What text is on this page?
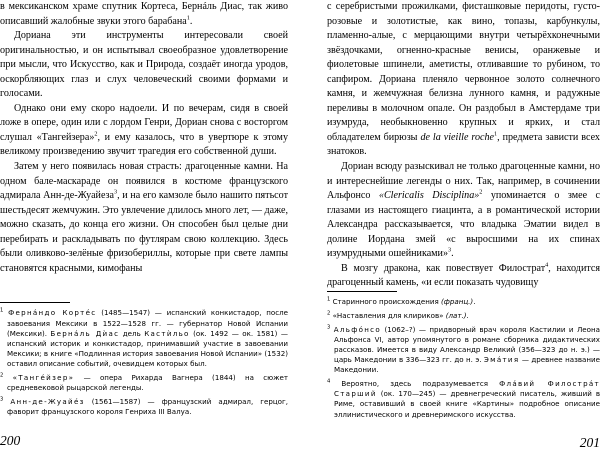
в мексиканском храме спутник Кортеса, Бернáль Диас, так живо описавший жалобные звуки этого барабана$^1$.

Дориана эти инструменты интересовали своей оригинальностью, и он испытывал своеобразное удовлетворение при мысли, что Искусство, как и Природа, создаёт иногда уродов, оскорбляющих глаз и слух человеческий своими формами и голосами.

Однако они ему скоро надоели. И по вечерам, сидя в своей ложе в опере, один или с лордом Генри, Дориан снова с восторгом слушал «Тангейзера»$^2$, и ему казалось, что в увертюре к этому великому произведению звучит трагедия его собственной души.

Затем у него появилась новая страсть: драгоценные камни. На одном бале-маскараде он появился в костюме французского адмирала Анн-де-Жуайеза$^3$, и на его камзоле было нашито пятьсот шестьдесят жемчужин. Это увлечение длилось много лет, — даже, можно сказать, до конца его жизни. Он способен был целые дни перебирать и раскладывать по футлярам свою коллекцию. Здесь были оливково-зелёные фризобериллы, которые при свете лампы становятся красными, кимофаны

$^1$ Фернáндо Кортéс (1485—1547) — испанский конкистадор, после завоевания Мексики в 1522—1528 гг. — губернатор Новой Испании (Мексики). Бернáль Дѝас дель Кастѝльо (ок. 1492 — ок. 1581) — испанский историк и конкистадор, принимавший участие в завоевании Мексики; в книге «Подлинная история завоевания Новой Испании» (1532) оставил описание событий, очевидцем которых был.

$^2$ «Тангéйзер» — опера Рихарда Вагнера (1844) на сюжет средневековой рыцарской легенды.

$^3$ Анн-де-Жуайéз (1561—1587) — французский адмирал, герцог, фаворит французского короля Генриха III Валуа.

200

с серебристыми прожилками, фисташковые перидоты, густо-розовые и золотистые, как вино, топазы, карбункулы, пламенно-алые, с мерцающими внутри четырёхконечными звёздочками, огненно-красные венисы, оранжевые и фиолетовые шпинели, аметисты, отливавшие то рубином, то сапфиром. Дориана пленяло червонное золото солнечного камня, и жемчужная белизна лунного камня, и радужные переливы в молочном опале. Он раздобыл в Амстердаме три изумруда, необыкновенно крупных и ярких, и стал обладателем бирюзы de la vieille roche$^1$, предмета зависти всех знатоков.

Дориан всюду разыскивал не только драгоценные камни, но и интереснейшие легенды о них. Так, например, в сочинении Альфонсо «Clericalis Disciplina»$^2$ упоминается о змее с глазами из настоящего гиацинта, а в романтической истории Александра рассказывается, что владыка Эматии видел в долине Иордана змей «с выросшими на их спинах изумрудными ошейниками»$^3$.

В мозгу дракона, как повествует Филострат$^4$, находится драгоценный камень, «и если показать чудовищу

$^1$ Старинного происхождения (франц.).

$^2$ «Наставления для клириков» (лат.).

$^3$ Альфóнсо (1062–?) — придворный врач короля Кастилии и Леона Альфонса VI, автор упомянутого в романе сборника дидактических рассказов. Имеется в виду Александр Великий (356—323 до н. э.) — царь Македонии в 336—323 гг. до н. э. Эмáтия — древнее название Македонии.

$^4$ Вероятно, здесь подразумевается Флáвий Филострáт Старший (ок. 170—245) — древнегреческий писатель, живший в Риме, оставивший в своей книге «Картины» подробное описание эллинистического и древнеримского искусства.

201
